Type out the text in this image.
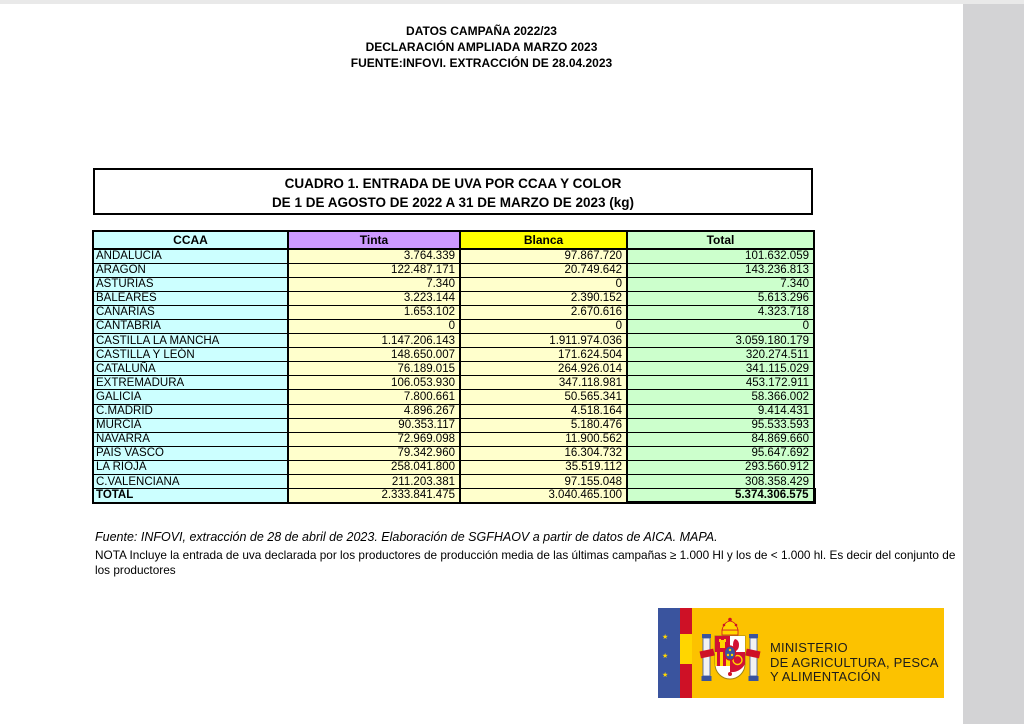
DATOS CAMPAÑA 2022/23
DECLARACIÓN AMPLIADA MARZO 2023
FUENTE:INFOVI. EXTRACCIÓN DE 28.04.2023
CUADRO 1. ENTRADA DE UVA POR CCAA Y COLOR
DE 1 DE AGOSTO DE 2022 A 31 DE MARZO DE 2023 (kg)
CCAA	Tinta	Blanca	Total
ANDALUCIA	3.764.339	97.867.720	101.632.059
ARAGON	122.487.171	20.749.642	143.236.813
ASTURIAS	7.340	0	7.340
BALEARES	3.223.144	2.390.152	5.613.296
CANARIAS	1.653.102	2.670.616	4.323.718
CANTABRIA	0	0	0
CASTILLA LA MANCHA	1.147.206.143	1.911.974.036	3.059.180.179
CASTILLA Y LEÓN	148.650.007	171.624.504	320.274.511
CATALUÑA	76.189.015	264.926.014	341.115.029
EXTREMADURA	106.053.930	347.118.981	453.172.911
GALICIA	7.800.661	50.565.341	58.366.002
C.MADRID	4.896.267	4.518.164	9.414.431
MURCIA	90.353.117	5.180.476	95.533.593
NAVARRA	72.969.098	11.900.562	84.869.660
PAIS VASCO	79.342.960	16.304.732	95.647.692
LA RIOJA	258.041.800	35.519.112	293.560.912
C.VALENCIANA	211.203.381	97.155.048	308.358.429
TOTAL	2.333.841.475	3.040.465.100	5.374.306.575
Fuente: INFOVI, extracción de 28 de abril de 2023. Elaboración de SGFHAOV a partir de datos de AICA. MAPA.
NOTA Incluye la entrada de uva declarada por los productores de producción media de las últimas campañas ≥ 1.000 Hl y los de < 1.000 hl. Es decir del conjunto de los productores
★
★
★
MINISTERIO
DE AGRICULTURA, PESCA
Y ALIMENTACIÓN
